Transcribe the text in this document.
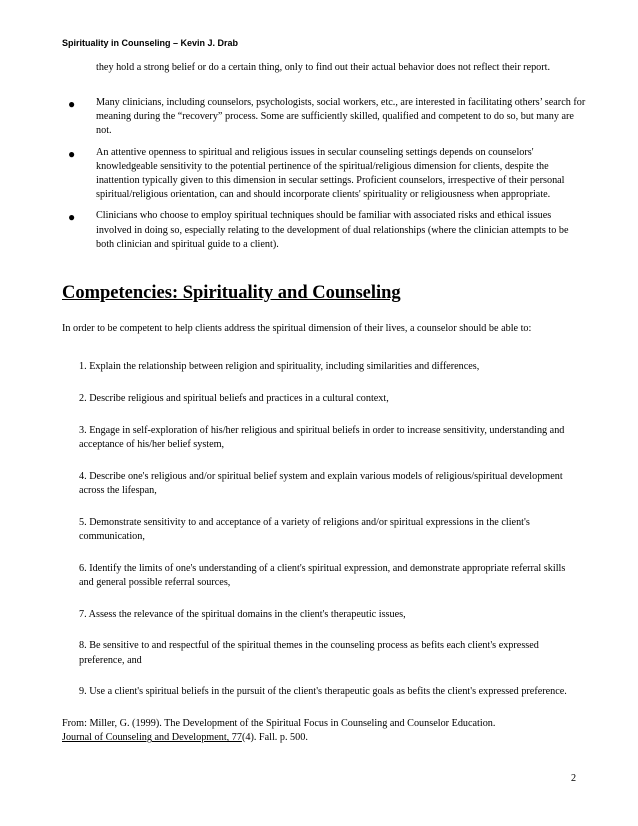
Spirituality in Counseling – Kevin J. Drab
they hold a strong belief or do a certain thing, only to find out their actual behavior does not reflect their report.
● Many clinicians, including counselors, psychologists, social workers, etc., are interested in facilitating others’ search for meaning during the “recovery” process. Some are sufficiently skilled, qualified and competent to do so, but many are not.
● An attentive openness to spiritual and religious issues in secular counseling settings depends on counselors' knowledgeable sensitivity to the potential pertinence of the spiritual/religious dimension for clients, despite the inattention typically given to this dimension in secular settings. Proficient counselors, irrespective of their personal spiritual/religious orientation, can and should incorporate clients' spirituality or religiousness when appropriate.
● Clinicians who choose to employ spiritual techniques should be familiar with associated risks and ethical issues involved in doing so, especially relating to the development of dual relationships (where the clinician attempts to be both clinician and spiritual guide to a client).
Competencies: Spirituality and Counseling
In order to be competent to help clients address the spiritual dimension of their lives, a counselor should be able to:
1. Explain the relationship between religion and spirituality, including similarities and differences,
2. Describe religious and spiritual beliefs and practices in a cultural context,
3. Engage in self-exploration of his/her religious and spiritual beliefs in order to increase sensitivity, understanding and acceptance of his/her belief system,
4. Describe one's religious and/or spiritual belief system and explain various models of religious/spiritual development across the lifespan,
5. Demonstrate sensitivity to and acceptance of a variety of religions and/or spiritual expressions in the client's communication,
6. Identify the limits of one's understanding of a client's spiritual expression, and demonstrate appropriate referral skills and general possible referral sources,
7. Assess the relevance of the spiritual domains in the client's therapeutic issues,
8. Be sensitive to and respectful of the spiritual themes in the counseling process as befits each client's expressed preference, and
9. Use a client's spiritual beliefs in the pursuit of the client's therapeutic goals as befits the client's expressed preference.
From: Miller, G. (1999). The Development of the Spiritual Focus in Counseling and Counselor Education.
Journal of Counseling and Development, 77(4). Fall. p. 500.
2
